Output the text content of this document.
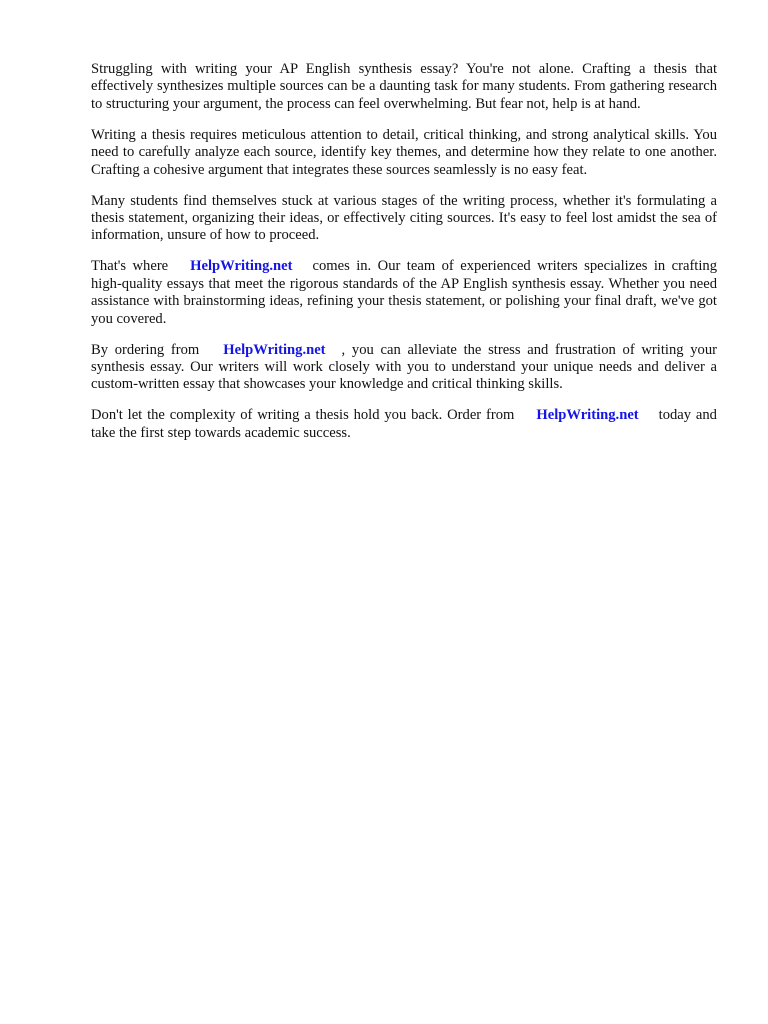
Struggling with writing your AP English synthesis essay? You're not alone. Crafting a thesis that effectively synthesizes multiple sources can be a daunting task for many students. From gathering research to structuring your argument, the process can feel overwhelming. But fear not, help is at hand.

Writing a thesis requires meticulous attention to detail, critical thinking, and strong analytical skills. You need to carefully analyze each source, identify key themes, and determine how they relate to one another. Crafting a cohesive argument that integrates these sources seamlessly is no easy feat.

Many students find themselves stuck at various stages of the writing process, whether it's formulating a thesis statement, organizing their ideas, or effectively citing sources. It's easy to feel lost amidst the sea of information, unsure of how to proceed.

That's where HelpWriting.net comes in. Our team of experienced writers specializes in crafting high-quality essays that meet the rigorous standards of the AP English synthesis essay. Whether you need assistance with brainstorming ideas, refining your thesis statement, or polishing your final draft, we've got you covered.

By ordering from HelpWriting.net , you can alleviate the stress and frustration of writing your synthesis essay. Our writers will work closely with you to understand your unique needs and deliver a custom-written essay that showcases your knowledge and critical thinking skills.

Don't let the complexity of writing a thesis hold you back. Order from HelpWriting.net today and take the first step towards academic success.
